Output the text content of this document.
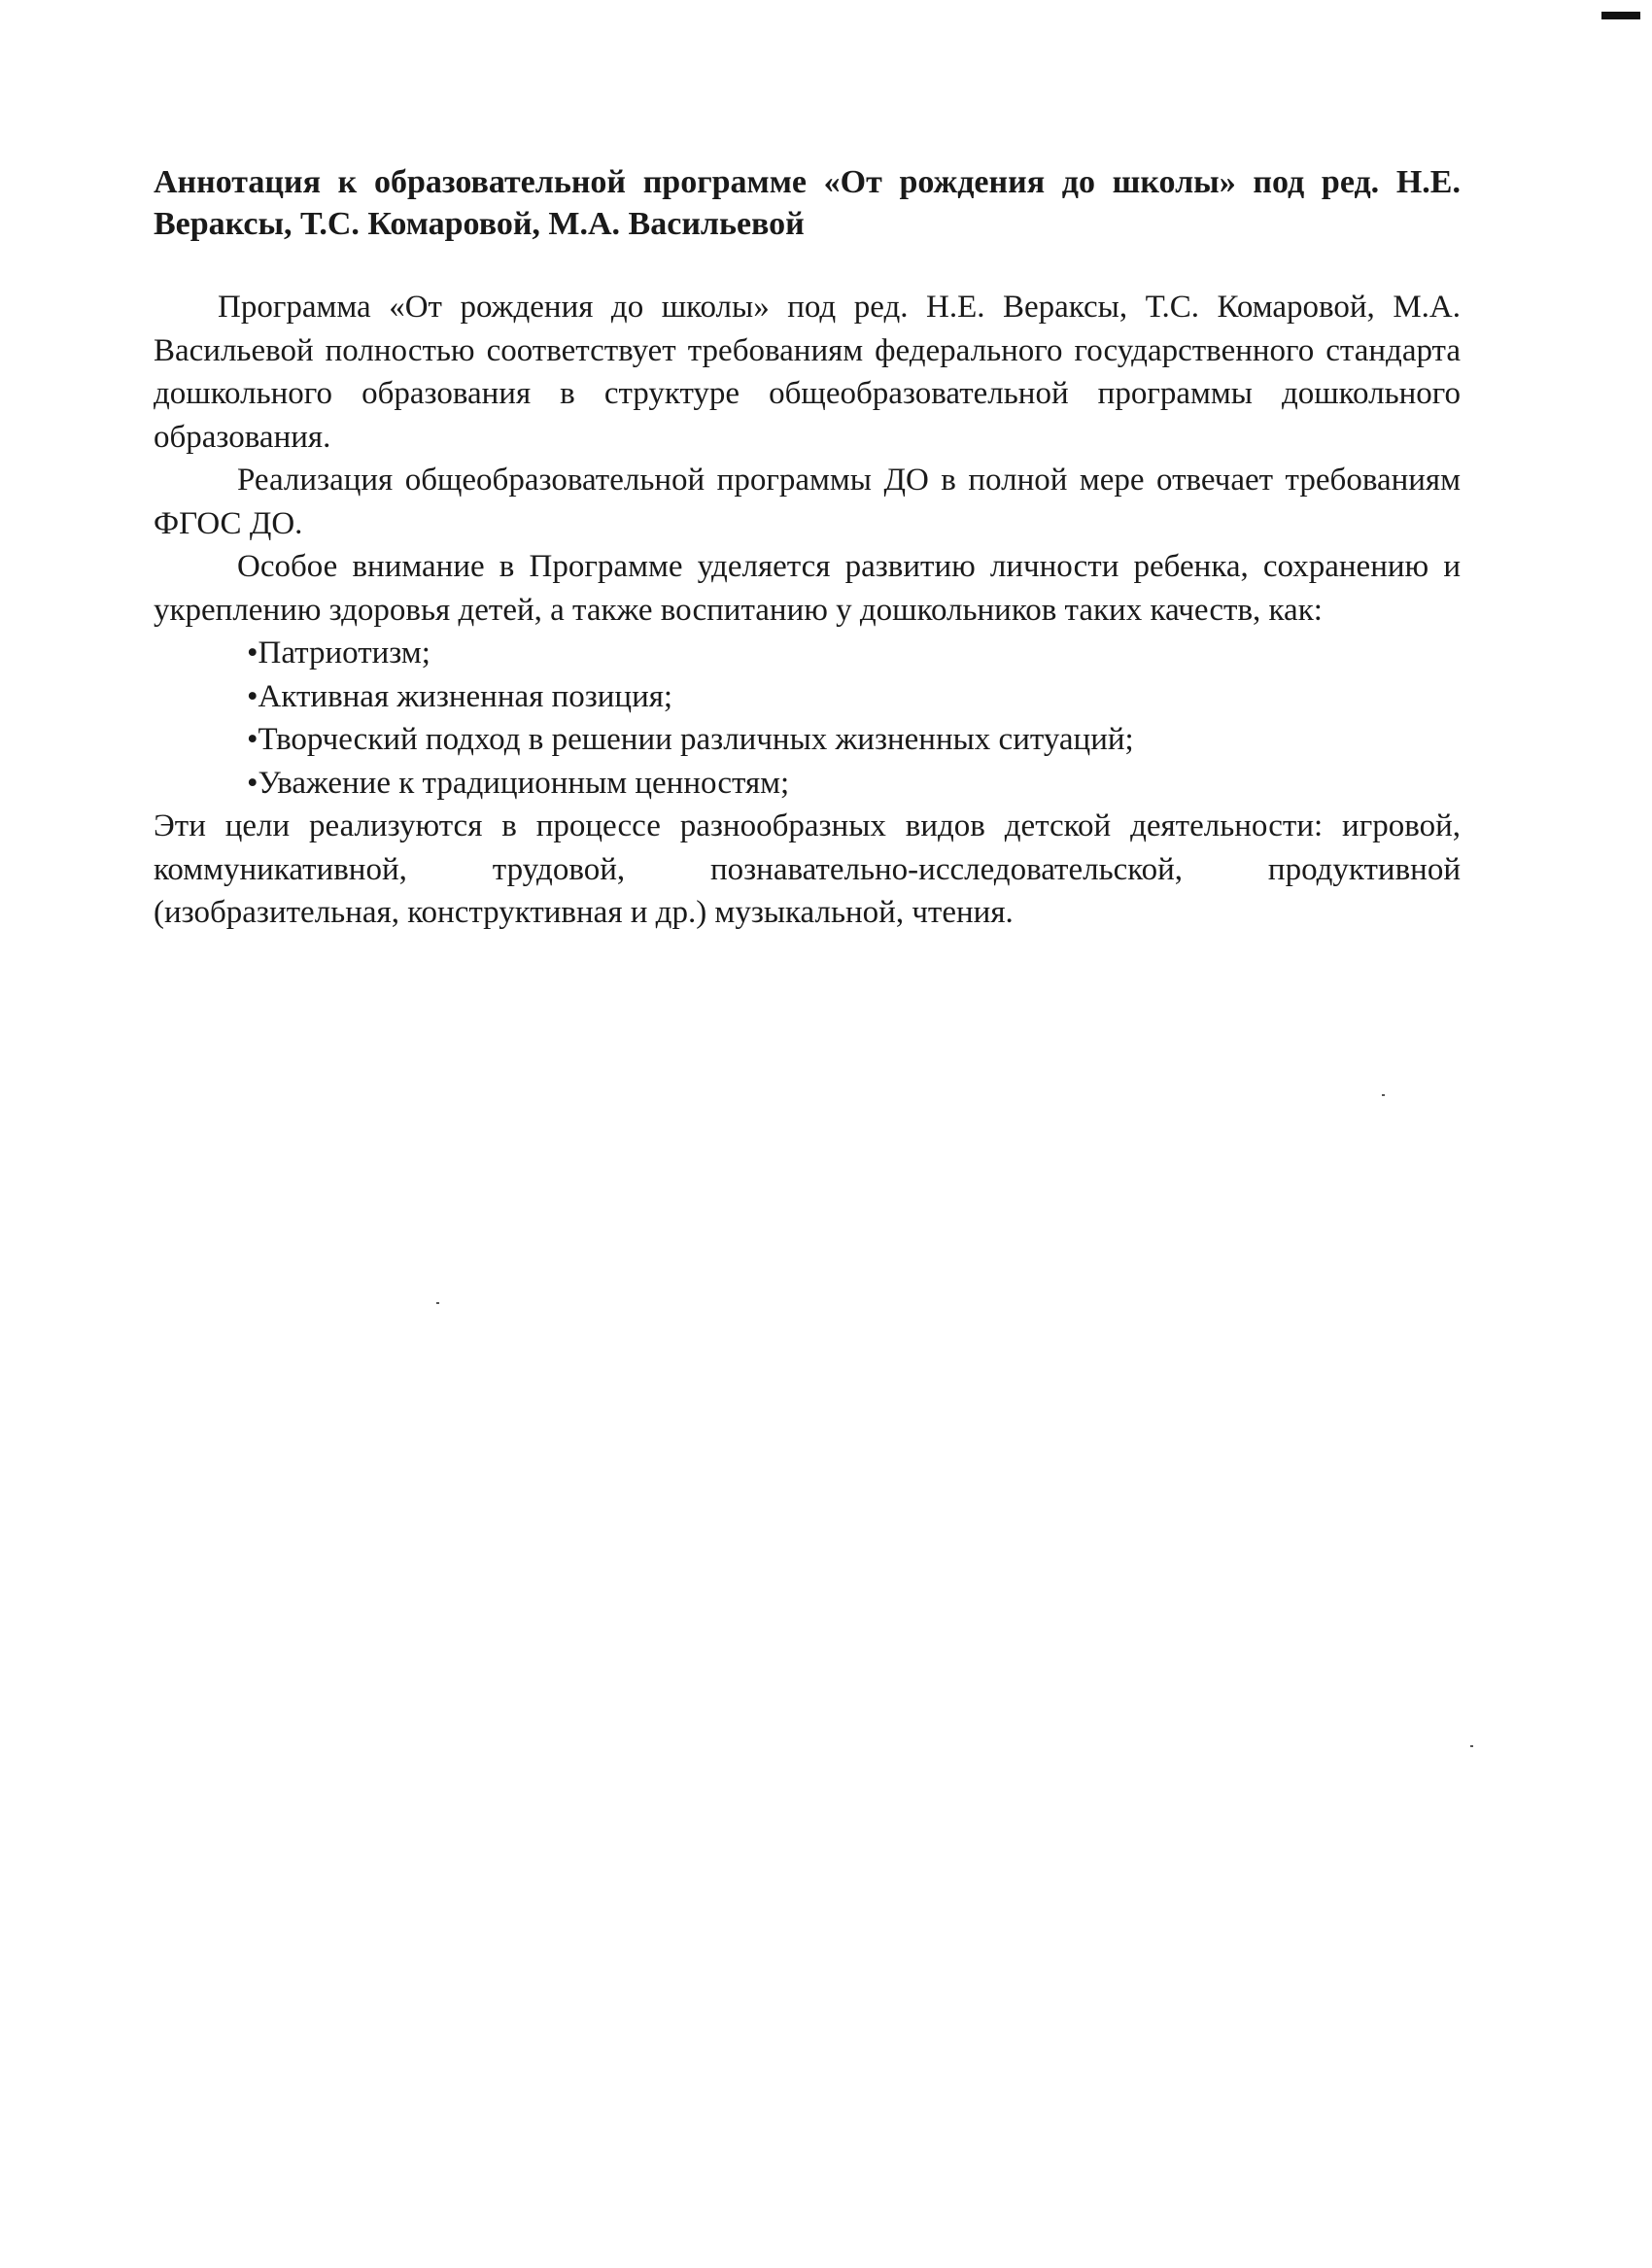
Аннотация к образовательной программе «От рождения до школы» под ред. Н.Е. Вераксы, Т.С. Комаровой, М.А. Васильевой

Программа «От рождения до школы» под ред. Н.Е. Вераксы, Т.С. Комаровой, М.А. Васильевой полностью соответствует требованиям федерального государственного стандарта дошкольного образования в структуре общеобразовательной программы дошкольного образования.

Реализация общеобразовательной программы ДО в полной мере отвечает требованиям ФГОС ДО.

Особое внимание в Программе уделяется развитию личности ребенка, сохранению и укреплению здоровья детей, а также воспитанию у дошкольников таких качеств, как:

•Патриотизм;
•Активная жизненная позиция;
•Творческий подход в решении различных жизненных ситуаций;
•Уважение к традиционным ценностям;

Эти цели реализуются в процессе разнообразных видов детской деятельности: игровой, коммуникативной, трудовой, познавательно-исследовательской, продуктивной (изобразительная, конструктивная и др.) музыкальной, чтения.
